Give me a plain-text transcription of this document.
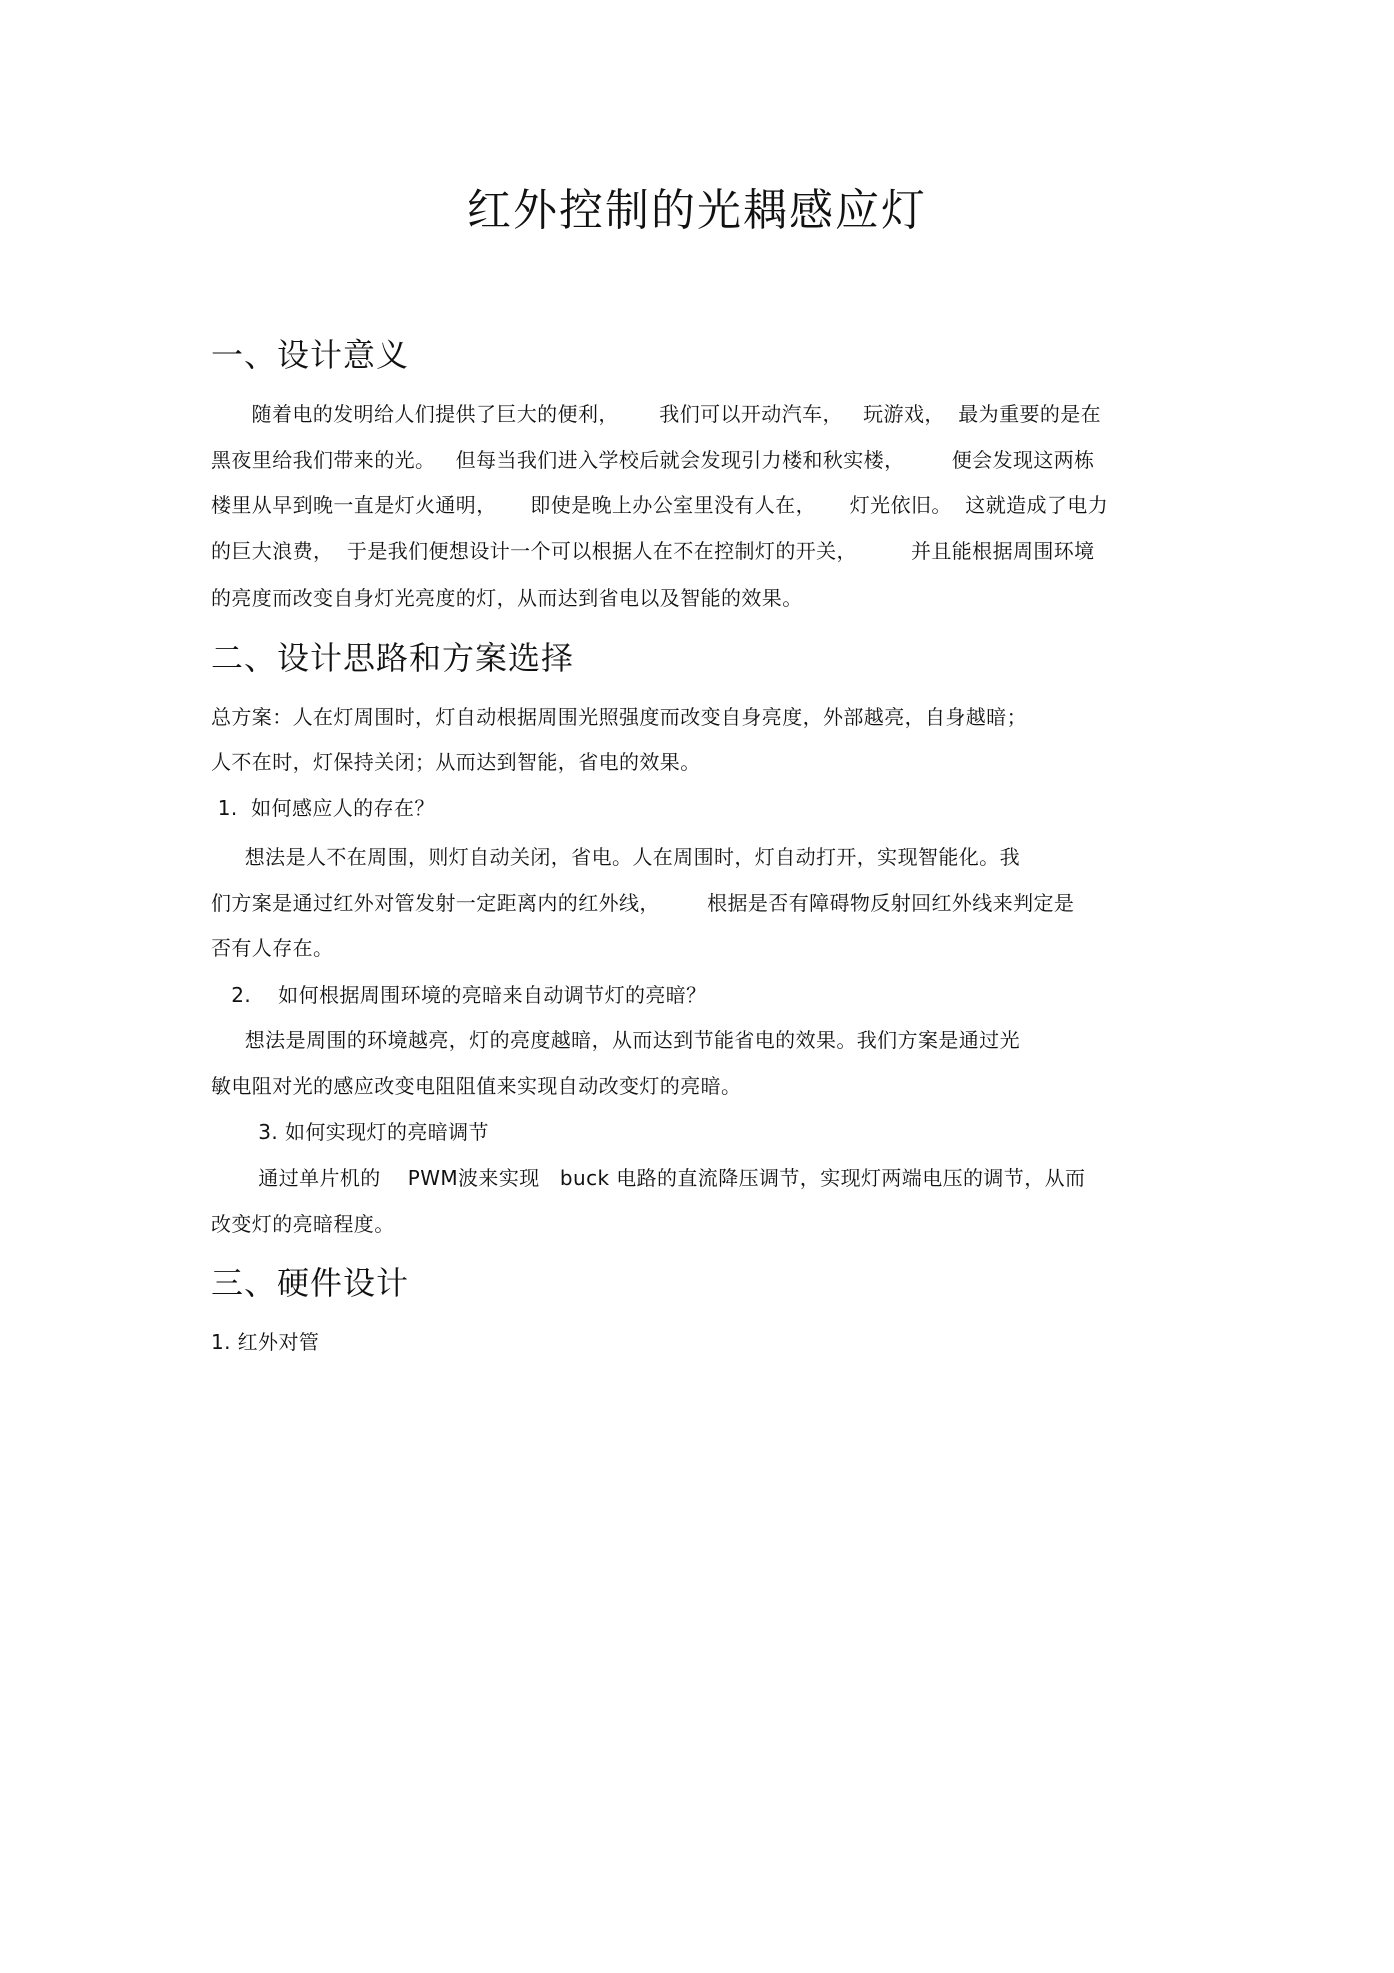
红外控制的光耦感应灯
一、设计意义

随着电的发明给人们提供了巨大的便利，      我们可以开动汽车，   玩游戏，  最为重要的是在

黑夜里给我们带来的光。   但每当我们进入学校后就会发现引力楼和秋实楼，       便会发现这两栋

楼里从早到晚一直是灯火通明，     即使是晚上办公室里没有人在，     灯光依旧。  这就造成了电力

的巨大浪费，  于是我们便想设计一个可以根据人在不在控制灯的开关，        并且能根据周围环境

的亮度而改变自身灯光亮度的灯，从而达到省电以及智能的效果。

二、设计思路和方案选择

总方案：人在灯周围时，灯自动根据周围光照强度而改变自身亮度，外部越亮，自身越暗；

人不在时，灯保持关闭；从而达到智能，省电的效果。

1.  如何感应人的存在？

想法是人不在周围，则灯自动关闭，省电。人在周围时，灯自动打开，实现智能化。我

们方案是通过红外对管发射一定距离内的红外线，       根据是否有障碍物反射回红外线来判定是

否有人存在。

2.    如何根据周围环境的亮暗来自动调节灯的亮暗？

想法是周围的环境越亮，灯的亮度越暗，从而达到节能省电的效果。我们方案是通过光

敏电阻对光的感应改变电阻阻值来实现自动改变灯的亮暗。

3. 如何实现灯的亮暗调节

通过单片机的    PWM波来实现   buck 电路的直流降压调节，实现灯两端电压的调节，从而

改变灯的亮暗程度。

三、硬件设计

1. 红外对管
